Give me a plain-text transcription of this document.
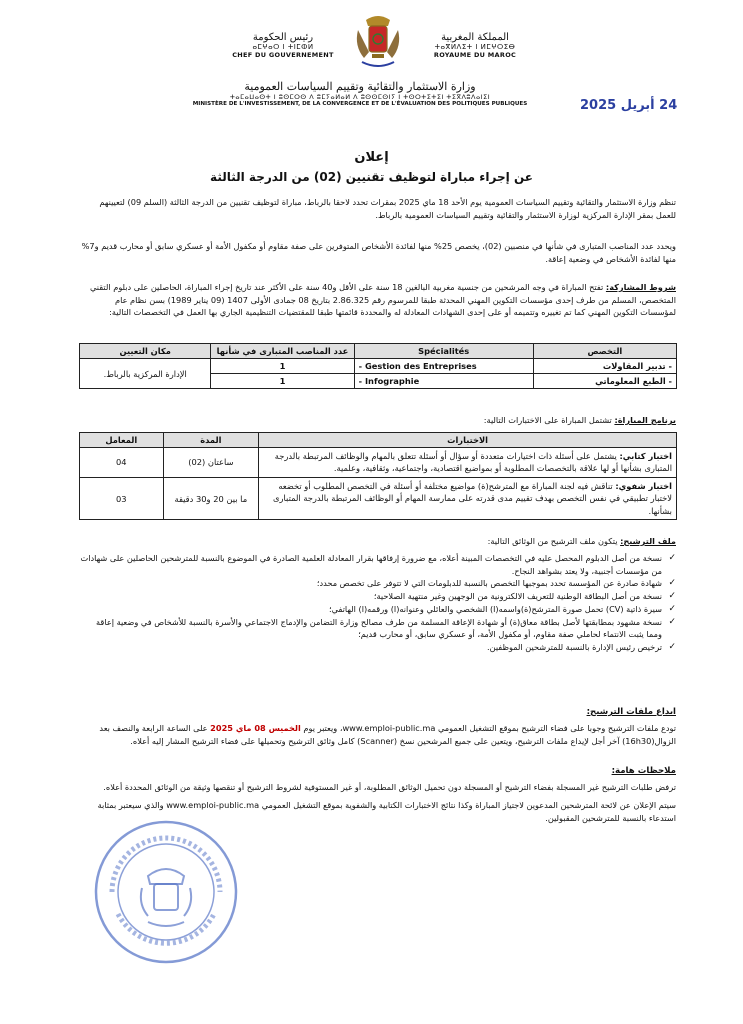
رئيس الحكومة
ⴰⵎⵖⴰⵔ ⵏ ⵜⵏⵎⵀⵍ
CHEF DU GOUVERNEMENT
المملكة المغربية
ⵜⴰⴳⵍⴷⵉⵜ ⵏ ⵍⵎⵖⵔⵉⴱ
ROYAUME DU MAROC
وزارة الاستثمار والتقائية وتقييم السياسات العمومية
ⵜⴰⵎⴰⵡⴰⵙⵜ ⵏ ⵓⵙⵎⵔⵙ ⴷ ⵓⵎⵢⴰⵍⴰⵍ ⴷ ⵓⵙⵙⵎⵙⵏⵢ ⵏ ⵜⵙⵔⵜⵉⵜⵉⵏ ⵜⵉⴳⴷⵓⴷⴰⵏⵉⵏ
MINISTÈRE DE L'INVESTISSEMENT, DE LA CONVERGENCE ET DE L'ÉVALUATION DES POLITIQUES PUBLIQUES	24 أبريل 2025
إعلان
عن إجراء مباراة لتوظيف تقنيين (02) من الدرجة الثالثة
تنظم وزارة الاستثمار والتقائية وتقييم السياسات العمومية يوم الأحد 18 ماي 2025 بمقرات تحدد لاحقا بالرباط، مباراة لتوظيف تقنيين من الدرجة الثالثة (السلم 09) لتعيينهم للعمل بمقر الإدارة المركزية لوزارة الاستثمار والتقائية وتقييم السياسات العمومية بالرباط.
ويحدد عدد المناصب المتبارى في شأنها في منصبين (02)، يخصص 25% منها لفائدة الأشخاص المتوفرين على صفة مقاوم أو مكفول الأمة أو عسكري سابق أو محارب قديم و7% منها لفائدة الأشخاص في وضعية إعاقة.
شروط المشاركة: تفتح المباراة في وجه المرشحين من جنسية مغربية البالغين 18 سنة على الأقل و40 سنة على الأكثر عند تاريخ إجراء المباراة، الحاصلين على دبلوم التقني المتخصص، المسلم من طرف إحدى مؤسسات التكوين المهني المحدثة طبقا للمرسوم رقم 2.86.325 بتاريخ 08 جمادى الأولى 1407 (09 يناير 1989) بسن نظام عام لمؤسسات التكوين المهني كما تم تغييره وتتميمه أو على إحدى الشهادات المعادلة له والمحددة قائمتها طبقا للمقتضيات التنظيمية الجاري بها العمل في التخصصات التالية:
التخصص	Spécialités	عدد المناصب المتبارى في شأنها	مكان التعيين
- تدبير المقاولات	- Gestion des Entreprises	1	الإدارة المركزية بالرباط.
- الطبع المعلوماتي	- Infographie	1	
برنامج المباراة: تشتمل المباراة على الاختبارات التالية:
الاختبارات	المدة	المعامل
اختبار كتابي: يشتمل على أسئلة ذات اختيارات متعددة أو سؤال أو أسئلة تتعلق بالمهام والوظائف المرتبطة بالدرجة المتبارى بشأنها أو لها علاقة بالتخصصات المطلوبة أو بمواضيع اقتصادية، واجتماعية، وثقافية، وعلمية.	ساعتان (02)	04
اختبار شفوي: تناقش فيه لجنة المباراة مع المترشح(ة) مواضيع مختلفة أو أسئلة في التخصص المطلوب أو تخضعه لاختبار تطبيقي في نفس التخصص بهدف تقييم مدى قدرته على ممارسة المهام أو الوظائف المرتبطة بالدرجة المتبارى بشأنها.	ما بين 20 و30 دقيقة	03
ملف الترشيح: يتكون ملف الترشيح من الوثائق التالية:
✓
نسخة من أصل الدبلوم المحصل عليه في التخصصات المبينة أعلاه، مع ضرورة إرفاقها بقرار المعادلة العلمية الصادرة في الموضوع بالنسبة للمترشحين الحاصلين على شهادات من مؤسسات أجنبية، ولا يعتد بشواهد النجاح.
✓
شهادة صادرة عن المؤسسة تحدد بموجبها التخصص بالنسبة للدبلومات التي لا تتوفر على تخصص محدد؛
✓
نسخة من أصل البطاقة الوطنية للتعريف الالكترونية من الوجهين وغير منتهية الصلاحية؛
✓
سيرة ذاتية (CV) تحمل صورة المترشح(ة)واسمه(ا) الشخصي والعائلي وعنوانه(ا) ورقمه(ا) الهاتفي؛
✓
نسخة مشهود بمطابقتها لأصل بطاقة معاق(ة) أو شهادة الإعاقة المسلمة من طرف مصالح وزارة التضامن والإدماج الاجتماعي والأسرة بالنسبة للأشخاص في وضعية إعاقة ومما يثبت الانتماء لحاملي صفة مقاوم، أو مكفول الأمة، أو عسكري سابق، أو محارب قديم؛
✓
ترخيص رئيس الإدارة بالنسبة للمترشحين الموظفين.
ايداع ملفات الترشيح:
تودع ملفات الترشيح وجوبا على فضاء الترشيح بموقع التشغيل العمومي www.emploi-public.ma، ويعتبر يوم الخميس 08 ماي 2025 على الساعة الرابعة والنصف بعد الزوال(16h30) آخر أجل لإيداع ملفات الترشيح، ويتعين على جميع المرشحين نسخ (Scanner) كامل وثائق الترشيح وتحميلها على فضاء الترشيح المشار إليه أعلاه.
ملاحظات هامة:
ترفض طلبات الترشيح غير المسجلة بفضاء الترشيح أو المسجلة دون تحميل الوثائق المطلوبة، أو غير المستوفية لشروط الترشيح أو تنقصها وثيقة من الوثائق المحددة أعلاه.
سيتم الإعلان عن لائحة المترشحين المدعوين لاجتياز المباراة وكذا نتائج الاختبارات الكتابية والشفوية بموقع التشغيل العمومي www.emploi-public.ma والذي سيعتبر بمثابة استدعاء بالنسبة للمترشحين المقبولين.
